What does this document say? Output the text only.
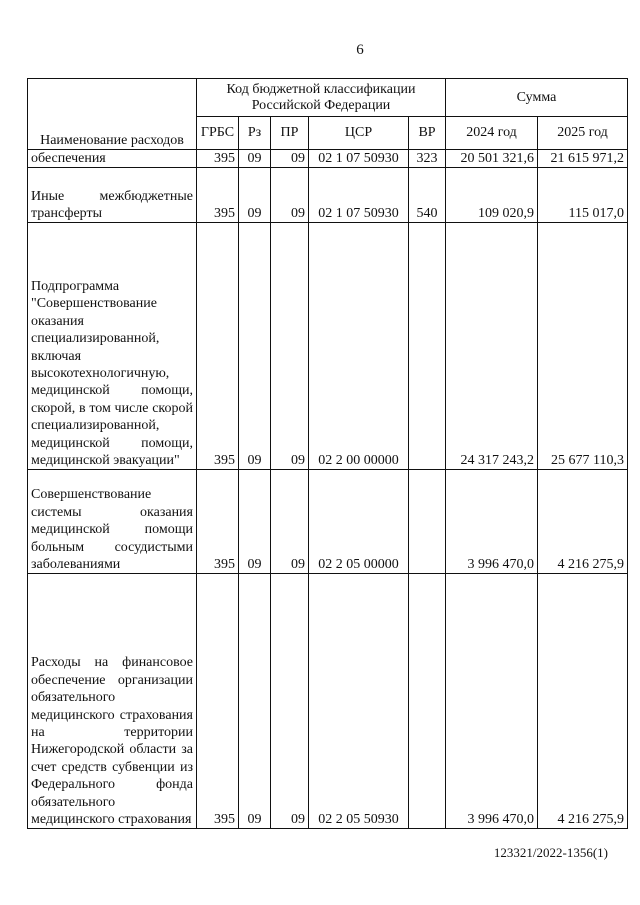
6
Наименование расходов	Код бюджетной классификации Российской Федерации					Сумма	
	ГРБС	Рз	ПР	ЦСР	ВР	2024 год	2025 год
обеспечения	395	09	09	02 1 07 50930	323	20 501 321,6	21 615 971,2
Иные межбюджетные трансферты	395	09	09	02 1 07 50930	540	109 020,9	115 017,0
Подпрограмма "Совершенствование оказания специализированной, включая высокотехнологичную, медицинской помощи, скорой, в том числе скорой специализированной, медицинской помощи, медицинской эвакуации"	395	09	09	02 2 00 00000		24 317 243,2	25 677 110,3
Совершенствование системы оказания медицинской помощи больным сосудистыми заболеваниями	395	09	09	02 2 05 00000		3 996 470,0	4 216 275,9
Расходы на финансовое обеспечение организации обязательного медицинского страхования на территории Нижегородской области за счет средств субвенции из Федерального фонда обязательного медицинского страхования	395	09	09	02 2 05 50930		3 996 470,0	4 216 275,9
123321/2022-1356(1)
